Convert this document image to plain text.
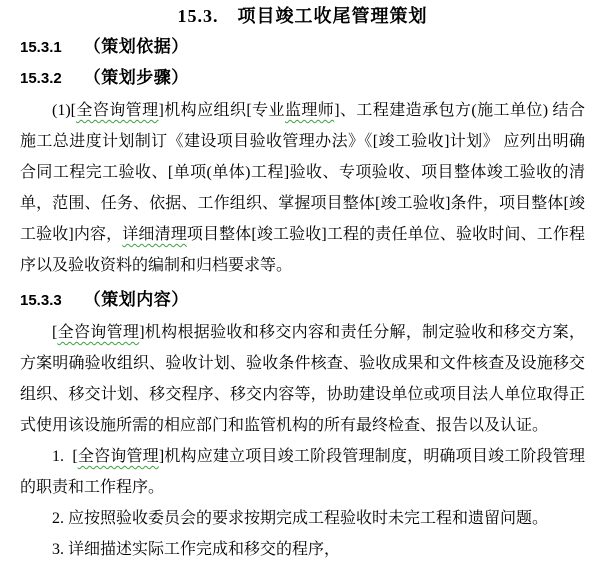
15.3.　项目竣工收尾管理策划
15.3.1 （策划依据）
15.3.2 （策划步骤）

(1)[全咨询管理]机构应组织[专业监理师]、工程建造承包方(施工单位) 结合施工总进度计划制订《建设项目验收管理办法》《[竣工验收]计划》 应列出明确合同工程完工验收、[单项(单体)工程]验收、专项验收、项目整体竣工验收的清单，范围、任务、依据、工作组织、掌握项目整体[竣工验收]条件，项目整体[竣工验收]内容，详细清理项目整体[竣工验收]工程的责任单位、验收时间、工作程序以及验收资料的编制和归档要求等。

15.3.3 （策划内容）

[全咨询管理]机构根据验收和移交内容和责任分解，制定验收和移交方案，方案明确验收组织、验收计划、验收条件核查、验收成果和文件核查及设施移交组织、移交计划、移交程序、移交内容等，协助建设单位或项目法人单位取得正式使用该设施所需的相应部门和监管机构的所有最终检查、报告以及认证。

1.  [全咨询管理]机构应建立项目竣工阶段管理制度，明确项目竣工阶段管理的职责和工作程序。

2. 应按照验收委员会的要求按期完成工程验收时未完工程和遗留问题。

3. 详细描述实际工作完成和移交的程序，
